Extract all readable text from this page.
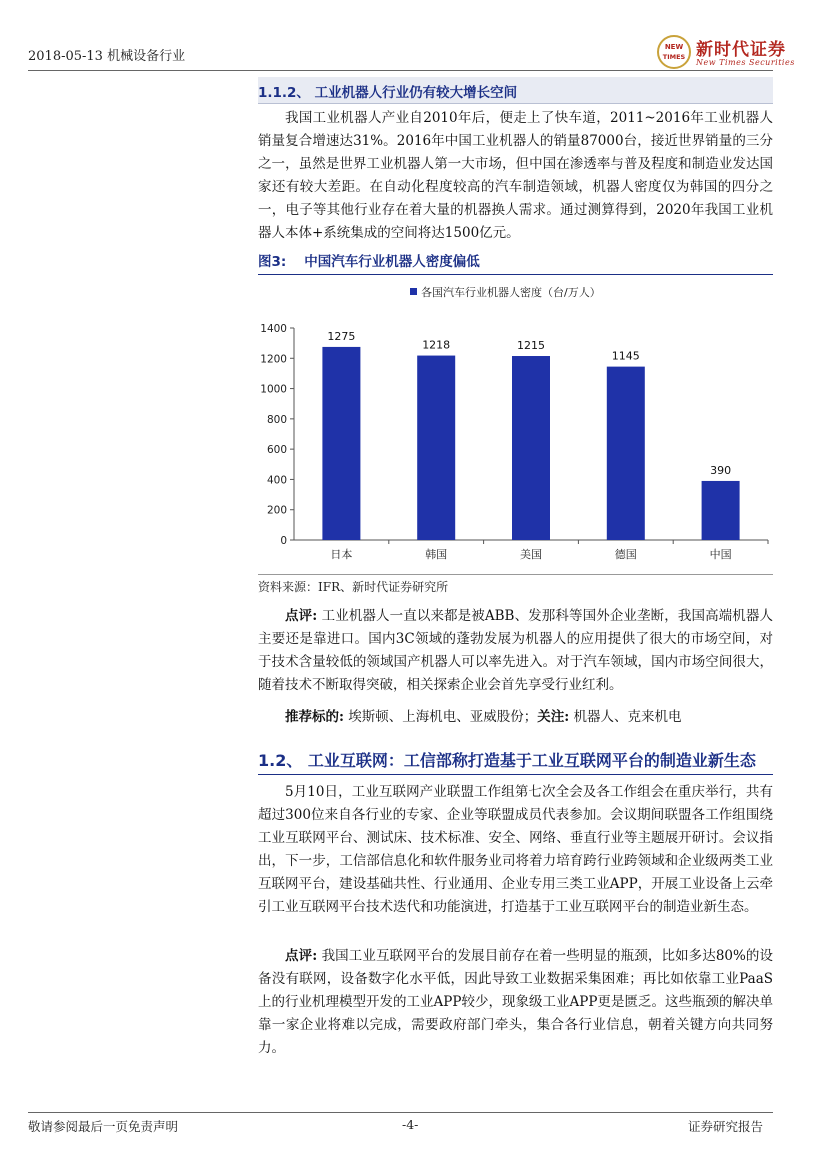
2018-05-13 机械设备行业
NEW
TIMES 新时代证券
New Times Securities
1.1.2、 工业机器人行业仍有较大增长空间

我国工业机器人产业自2010年后，便走上了快车道，2011~2016年工业机器人销量复合增速达31%。2016年中国工业机器人的销量87000台，接近世界销量的三分之一，虽然是世界工业机器人第一大市场，但中国在渗透率与普及程度和制造业发达国家还有较大差距。在自动化程度较高的汽车制造领域，机器人密度仅为韩国的四分之一，电子等其他行业存在着大量的机器换人需求。通过测算得到，2020年我国工业机器人本体+系统集成的空间将达1500亿元。

图3: 中国汽车行业机器人密度偏低
各国汽车行业机器人密度（台/万人）
0
200
400
600
800
1000
1200
1400
1275
日本
1218
韩国
1215
美国
1145
德国
390
中国
资料来源：IFR、新时代证券研究所

点评: 工业机器人一直以来都是被ABB、发那科等国外企业垄断，我国高端机器人主要还是靠进口。国内3C领域的蓬勃发展为机器人的应用提供了很大的市场空间，对于技术含量较低的领域国产机器人可以率先进入。对于汽车领域，国内市场空间很大，随着技术不断取得突破，相关探索企业会首先享受行业红利。

推荐标的: 埃斯顿、上海机电、亚威股份；关注: 机器人、克来机电

1.2、 工业互联网：工信部称打造基于工业互联网平台的制造业新生态

5月10日，工业互联网产业联盟工作组第七次全会及各工作组会在重庆举行，共有超过300位来自各行业的专家、企业等联盟成员代表参加。会议期间联盟各工作组围绕工业互联网平台、测试床、技术标准、安全、网络、垂直行业等主题展开研讨。会议指出，下一步，工信部信息化和软件服务业司将着力培育跨行业跨领域和企业级两类工业互联网平台，建设基础共性、行业通用、企业专用三类工业APP，开展工业设备上云牵引工业互联网平台技术迭代和功能演进，打造基于工业互联网平台的制造业新生态。

点评: 我国工业互联网平台的发展目前存在着一些明显的瓶颈，比如多达80%的设备没有联网，设备数字化水平低，因此导致工业数据采集困难；再比如依靠工业PaaS上的行业机理模型开发的工业APP较少，现象级工业APP更是匮乏。这些瓶颈的解决单靠一家企业将难以完成，需要政府部门牵头，集合各行业信息，朝着关键方向共同努力。

敬请参阅最后一页免责声明	-4-	证券研究报告
